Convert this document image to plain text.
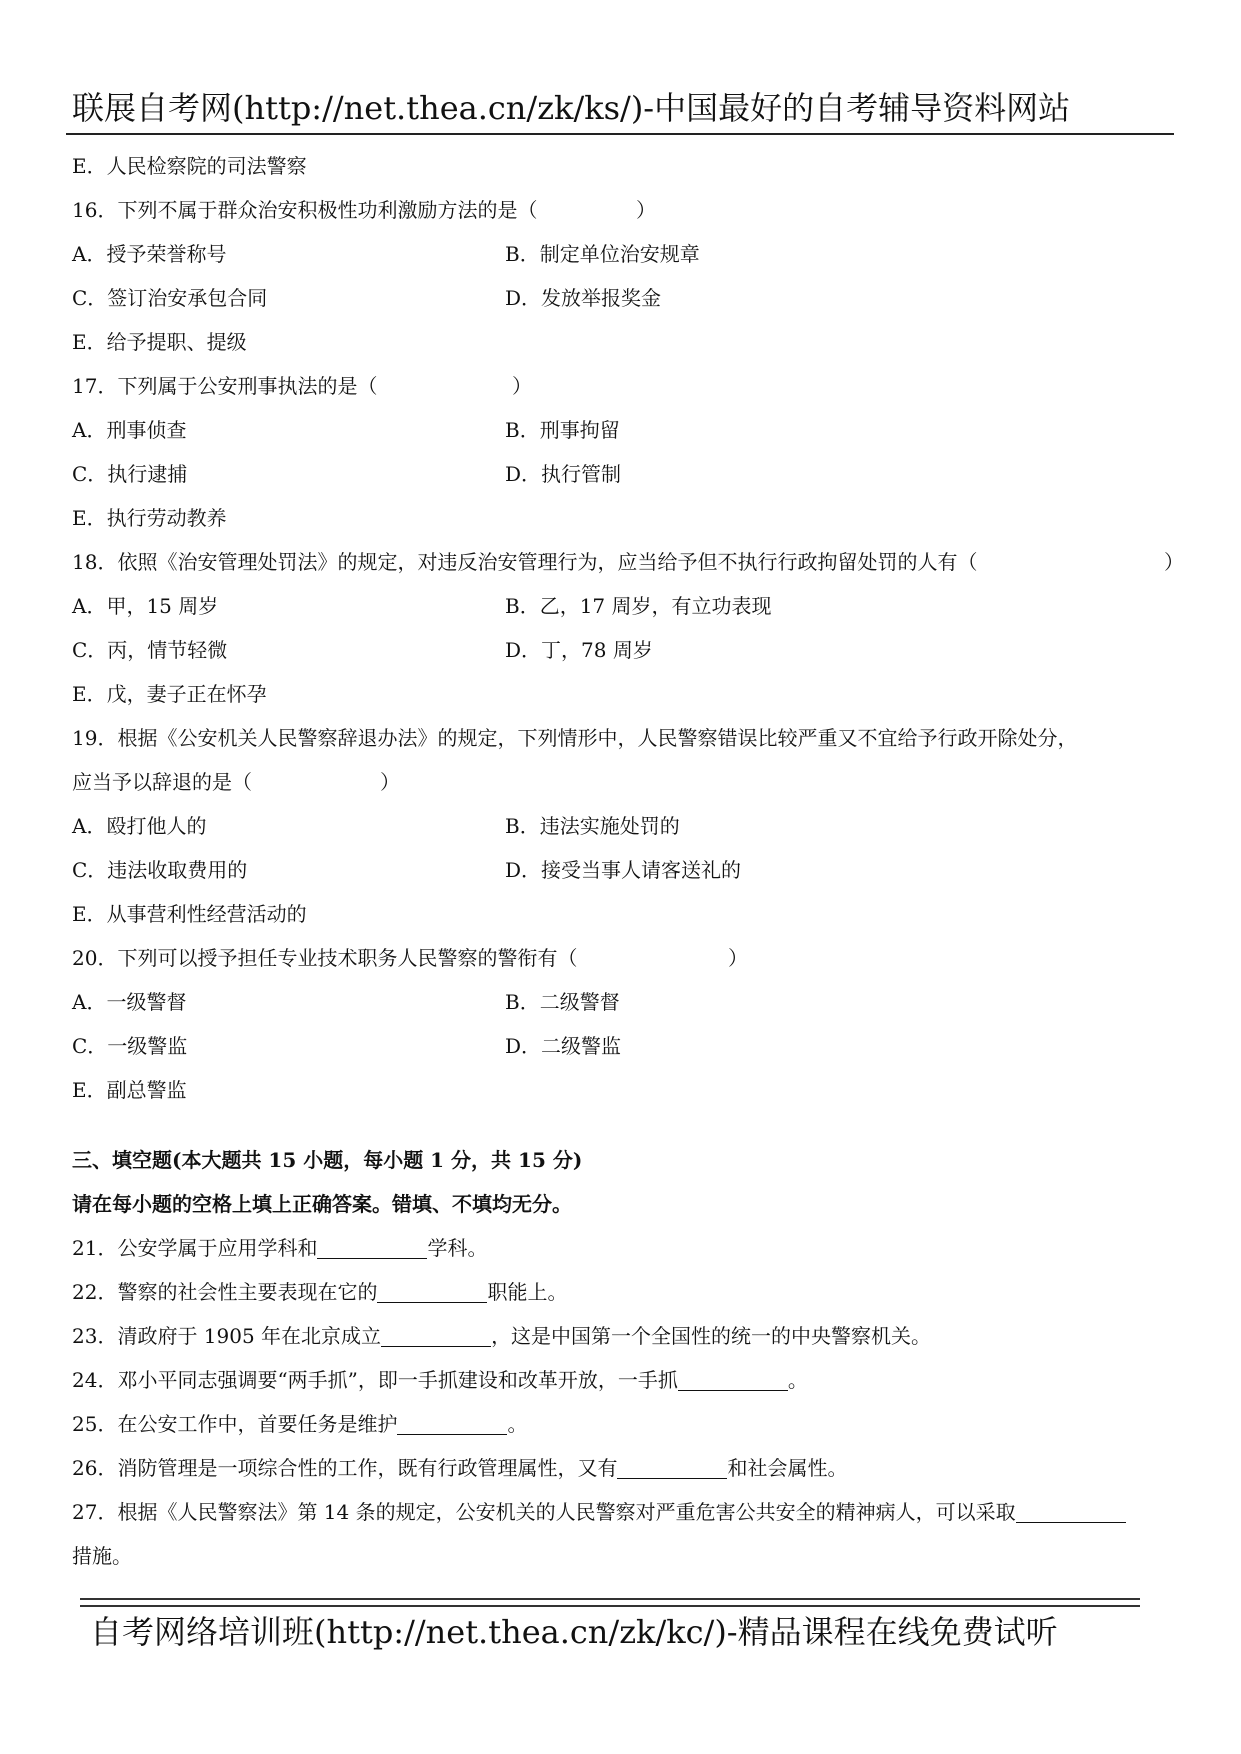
联展自考网(http://net.thea.cn/zk/ks/)-中国最好的自考辅导资料网站
E．人民检察院的司法警察
16．下列不属于群众治安积极性功利激励方法的是（	）
A．授予荣誉称号	B．制定单位治安规章
C．签订治安承包合同	D．发放举报奖金
E．给予提职、提级
17．下列属于公安刑事执法的是（	）
A．刑事侦查	B．刑事拘留
C．执行逮捕	D．执行管制
E．执行劳动教养
18．依照《治安管理处罚法》的规定，对违反治安管理行为，应当给予但不执行行政拘留处罚的人有（	）
A．甲，15 周岁	B．乙，17 周岁，有立功表现
C．丙，情节轻微	D．丁，78 周岁
E．戊，妻子正在怀孕
19．根据《公安机关人民警察辞退办法》的规定，下列情形中，人民警察错误比较严重又不宜给予行政开除处分，
应当予以辞退的是（	）
A．殴打他人的	B．违法实施处罚的
C．违法收取费用的	D．接受当事人请客送礼的
E．从事营利性经营活动的
20．下列可以授予担任专业技术职务人民警察的警衔有（	）
A．一级警督	B．二级警督
C．一级警监	D．二级警监
E．副总警监
三、填空题(本大题共 15 小题，每小题 1 分，共 15 分)
请在每小题的空格上填上正确答案。错填、不填均无分。
21．公安学属于应用学科和	学科。
22．警察的社会性主要表现在它的	职能上。
23．清政府于 1905 年在北京成立	，这是中国第一个全国性的统一的中央警察机关。
24．邓小平同志强调要“两手抓”，即一手抓建设和改革开放，一手抓	。
25．在公安工作中，首要任务是维护	。
26．消防管理是一项综合性的工作，既有行政管理属性，又有	和社会属性。
27．根据《人民警察法》第 14 条的规定，公安机关的人民警察对严重危害公共安全的精神病人，可以采取
措施。
自考网络培训班(http://net.thea.cn/zk/kc/)-精品课程在线免费试听
